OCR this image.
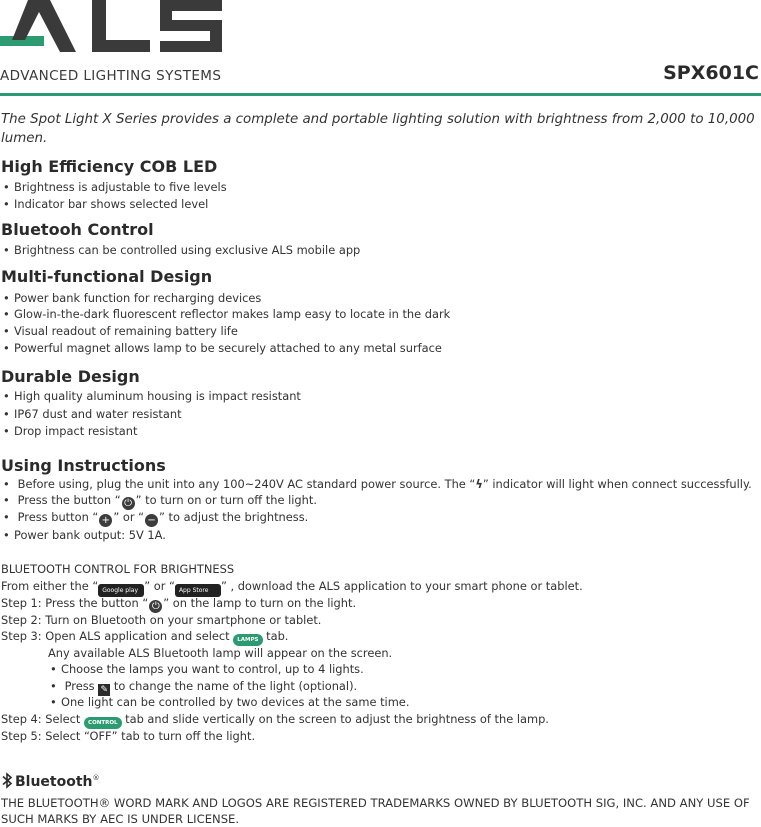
ADVANCED LIGHTING SYSTEMS	SPX601C
The Spot Light X Series provides a complete and portable lighting solution with brightness from 2,000 to 10,000 lumen.
High Efficiency COB LED
• Brightness is adjustable to five levels
• Indicator bar shows selected level
Bluetooh Control
• Brightness can be controlled using exclusive ALS mobile app
Multi-functional Design
• Power bank function for recharging devices
• Glow-in-the-dark fluorescent reflector makes lamp easy to locate in the dark
• Visual readout of remaining battery life
• Powerful magnet allows lamp to be securely attached to any metal surface
Durable Design
• High quality aluminum housing is impact resistant
• IP67 dust and water resistant
• Drop impact resistant
Using Instructions
• Before using, plug the unit into any 100~240V AC standard power source. The “ϟ” indicator will light when connect successfully.
• Press the button “ ⏻ ” to turn on or turn off the light.
• Press button “ + ” or “ − ” to adjust the brightness.
• Power bank output: 5V 1A.
BLUETOOTH CONTROL FOR BRIGHTNESS
From either the “ Google play ” or “ App Store ” , download the ALS application to your smart phone or tablet.
Step 1: Press the button “ ⏻ ” on the lamp to turn on the light.
Step 2: Turn on Bluetooth on your smartphone or tablet.
Step 3: Open ALS application and select LAMPS tab.
Any available ALS Bluetooth lamp will appear on the screen.
• Choose the lamps you want to control, up to 4 lights.
• Press ✎ to change the name of the light (optional).
• One light can be controlled by two devices at the same time.
Step 4: Select CONTROL tab and slide vertically on the screen to adjust the brightness of the lamp.
Step 5: Select “OFF” tab to turn off the light.
Bluetooth®
THE BLUETOOTH® WORD MARK AND LOGOS ARE REGISTERED TRADEMARKS OWNED BY BLUETOOTH SIG, INC. AND ANY USE OF SUCH MARKS BY AEC IS UNDER LICENSE.
